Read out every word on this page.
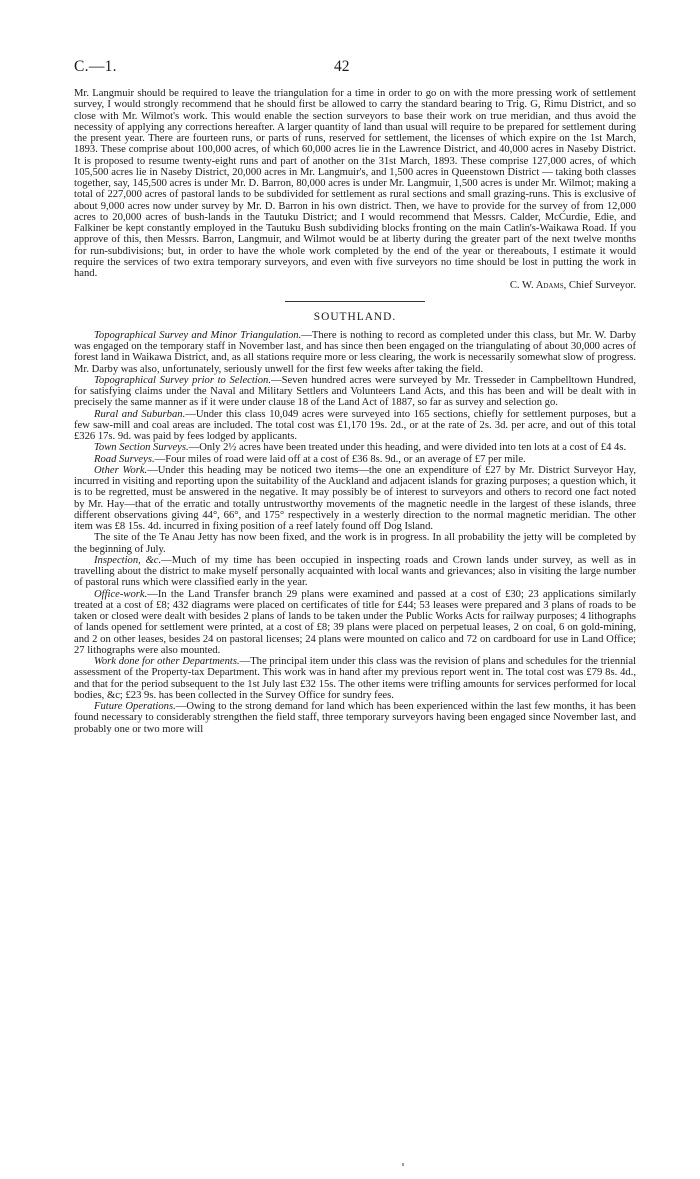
C.—1.	42

Mr. Langmuir should be required to leave the triangulation for a time in order to go on with the more pressing work of settlement survey, I would strongly recommend that he should first be allowed to carry the standard bearing to Trig. G, Rimu District, and so close with Mr. Wilmot's work. This would enable the section surveyors to base their work on true meridian, and thus avoid the necessity of applying any corrections hereafter. A larger quantity of land than usual will require to be prepared for settlement during the present year. There are fourteen runs, or parts of runs, reserved for settlement, the licenses of which expire on the 1st March, 1893. These comprise about 100,000 acres, of which 60,000 acres lie in the Lawrence District, and 40,000 acres in Naseby District. It is proposed to resume twenty-eight runs and part of another on the 31st March, 1893. These comprise 127,000 acres, of which 105,500 acres lie in Naseby District, 20,000 acres in Mr. Langmuir's, and 1,500 acres in Queenstown District — taking both classes together, say, 145,500 acres is under Mr. D. Barron, 80,000 acres is under Mr. Langmuir, 1,500 acres is under Mr. Wilmot; making a total of 227,000 acres of pastoral lands to be subdivided for settlement as rural sections and small grazing-runs. This is exclusive of about 9,000 acres now under survey by Mr. D. Barron in his own district. Then, we have to provide for the survey of from 12,000 acres to 20,000 acres of bush-lands in the Tautuku District; and I would recommend that Messrs. Calder, McCurdie, Edie, and Falkiner be kept constantly employed in the Tautuku Bush subdividing blocks fronting on the main Catlin's-Waikawa Road. If you approve of this, then Messrs. Barron, Langmuir, and Wilmot would be at liberty during the greater part of the next twelve months for run-subdivisions; but, in order to have the whole work completed by the end of the year or thereabouts, I estimate it would require the services of two extra temporary surveyors, and even with five surveyors no time should be lost in putting the work in hand.

C. W. Adams, Chief Surveyor.

SOUTHLAND.

Topographical Survey and Minor Triangulation.—There is nothing to record as completed under this class, but Mr. W. Darby was engaged on the temporary staff in November last, and has since then been engaged on the triangulating of about 30,000 acres of forest land in Waikawa District, and, as all stations require more or less clearing, the work is necessarily somewhat slow of progress. Mr. Darby was also, unfortunately, seriously unwell for the first few weeks after taking the field.

Topographical Survey prior to Selection.—Seven hundred acres were surveyed by Mr. Tresseder in Campbelltown Hundred, for satisfying claims under the Naval and Military Settlers and Volunteers Land Acts, and this has been and will be dealt with in precisely the same manner as if it were under clause 18 of the Land Act of 1887, so far as survey and selection go.

Rural and Suburban.—Under this class 10,049 acres were surveyed into 165 sections, chiefly for settlement purposes, but a few saw-mill and coal areas are included. The total cost was £1,170 19s. 2d., or at the rate of 2s. 3d. per acre, and out of this total £326 17s. 9d. was paid by fees lodged by applicants.

Town Section Surveys.—Only 2½ acres have been treated under this heading, and were divided into ten lots at a cost of £4 4s.

Road Surveys.—Four miles of road were laid off at a cost of £36 8s. 9d., or an average of £7 per mile.

Other Work.—Under this heading may be noticed two items—the one an expenditure of £27 by Mr. District Surveyor Hay, incurred in visiting and reporting upon the suitability of the Auckland and adjacent islands for grazing purposes; a question which, it is to be regretted, must be answered in the negative. It may possibly be of interest to surveyors and others to record one fact noted by Mr. Hay—that of the erratic and totally untrustworthy movements of the magnetic needle in the largest of these islands, three different observations giving 44°, 66°, and 175° respectively in a westerly direction to the normal magnetic meridian. The other item was £8 15s. 4d. incurred in fixing position of a reef lately found off Dog Island.

The site of the Te Anau Jetty has now been fixed, and the work is in progress. In all probability the jetty will be completed by the beginning of July.

Inspection, &c.—Much of my time has been occupied in inspecting roads and Crown lands under survey, as well as in travelling about the district to make myself personally acquainted with local wants and grievances; also in visiting the large number of pastoral runs which were classified early in the year.

Office-work.—In the Land Transfer branch 29 plans were examined and passed at a cost of £30; 23 applications similarly treated at a cost of £8; 432 diagrams were placed on certificates of title for £44; 53 leases were prepared and 3 plans of roads to be taken or closed were dealt with besides 2 plans of lands to be taken under the Public Works Acts for railway purposes; 4 lithographs of lands opened for settlement were printed, at a cost of £8; 39 plans were placed on perpetual leases, 2 on coal, 6 on gold-mining, and 2 on other leases, besides 24 on pastoral licenses; 24 plans were mounted on calico and 72 on cardboard for use in Land Office; 27 lithographs were also mounted.

Work done for other Departments.—The principal item under this class was the revision of plans and schedules for the triennial assessment of the Property-tax Department. This work was in hand after my previous report went in. The total cost was £79 8s. 4d., and that for the period subsequent to the 1st July last £32 15s. The other items were trifling amounts for services performed for local bodies, &c; £23 9s. has been collected in the Survey Office for sundry fees.

Future Operations.—Owing to the strong demand for land which has been experienced within the last few months, it has been found necessary to considerably strengthen the field staff, three temporary surveyors having been engaged since November last, and probably one or two more will
